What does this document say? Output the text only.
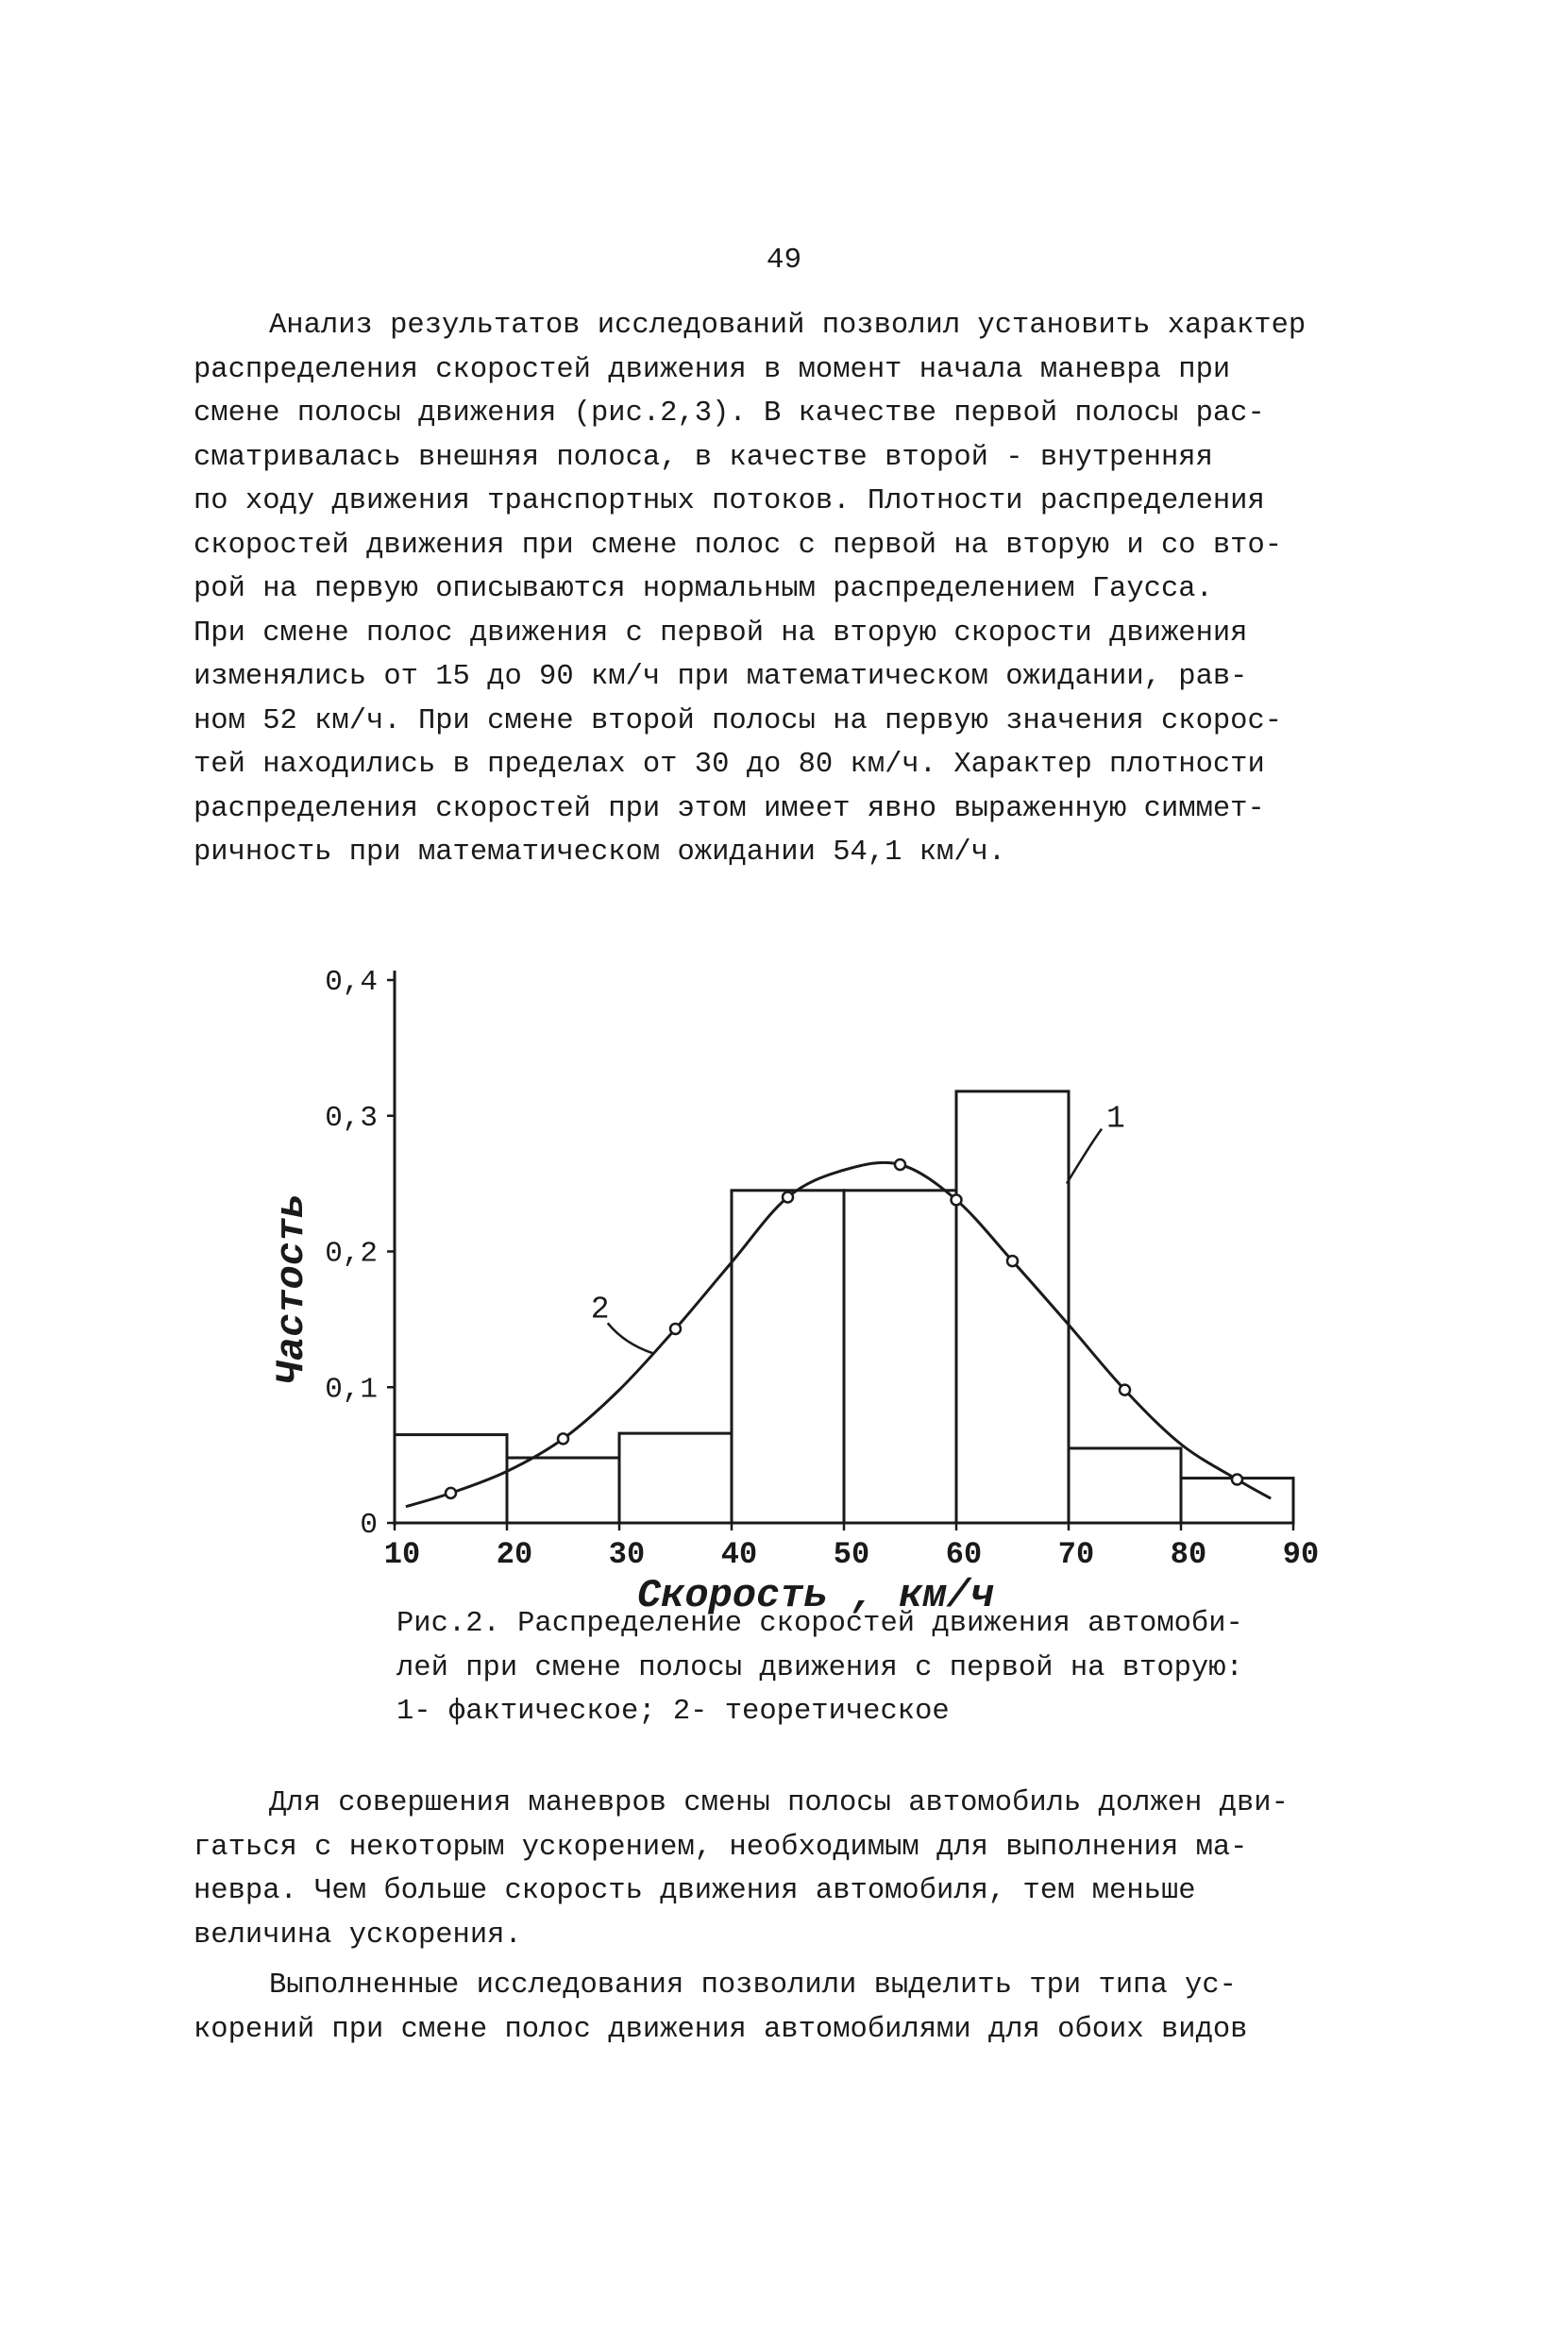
49
Анализ результатов исследований позволил установить характер
распределения скоростей движения в момент начала маневра при
смене полосы движения (рис.2,3). В качестве первой полосы рас-
сматривалась внешняя полоса, в качестве второй - внутренняя
по ходу движения транспортных потоков. Плотности распределения
скоростей движения при смене полос с первой на вторую и со вто-
рой на первую описываются нормальным распределением Гаусса.
При смене полос движения с первой на вторую скорости движения
изменялись от 15 до 90 км/ч при математическом ожидании, рав-
ном 52 км/ч. При смене второй полосы на первую значения скорос-
тей находились в пределах от 30 до 80 км/ч. Характер плотности
распределения скоростей при этом имеет явно выраженную симмет-
ричность при математическом ожидании 54,1 км/ч.
0
0,1
0,2
0,3
0,4
10	20	30	40	50	60	70	80	90
1
2
Частость
Скорость , км/ч
Рис.2. Распределение скоростей движения автомоби-
лей при смене полосы движения с первой на вторую:
1- фактическое; 2- теоретическое
Для совершения маневров смены полосы автомобиль должен дви-
гаться с некоторым ускорением, необходимым для выполнения ма-
невра. Чем больше скорость движения автомобиля, тем меньше
величина ускорения.
Выполненные исследования позволили выделить три типа ус-
корений при смене полос движения автомобилями для обоих видов
